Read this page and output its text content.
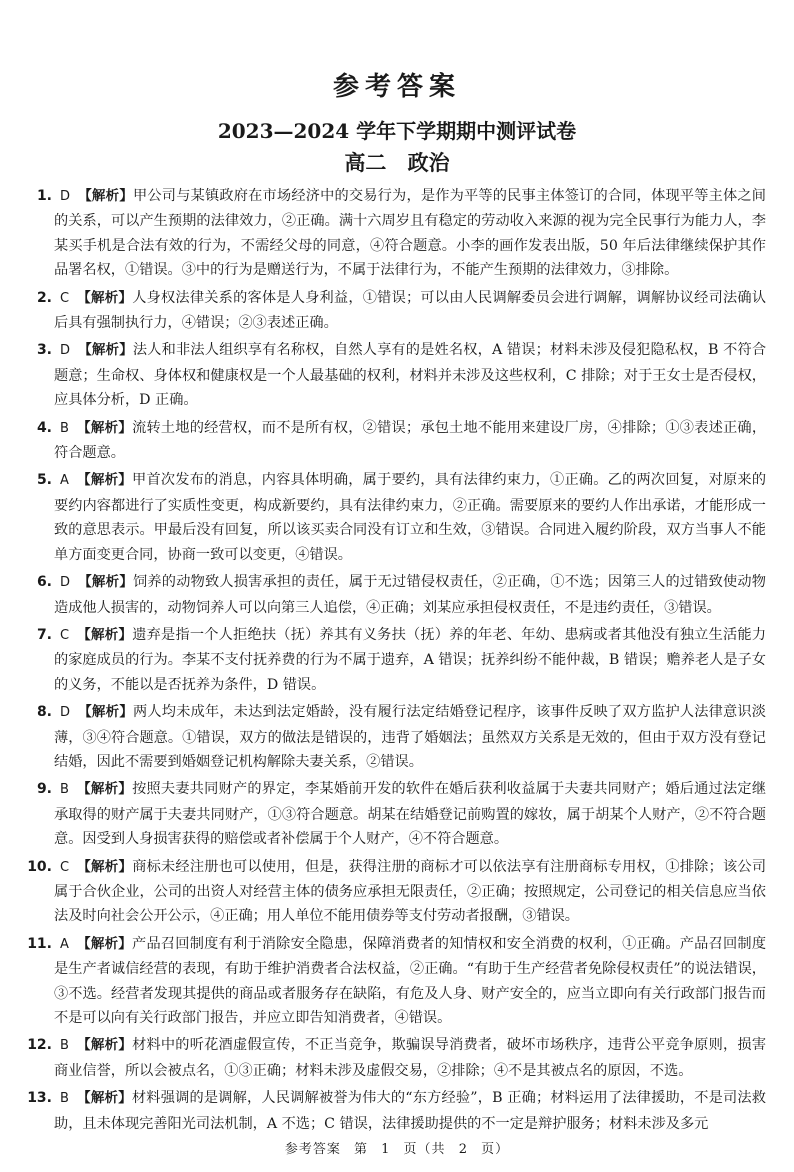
参考答案
2023—2024 学年下学期期中测评试卷
高二 政治
1. D 【解析】甲公司与某镇政府在市场经济中的交易行为，是作为平等的民事主体签订的合同，体现平等主体之间的关系，可以产生预期的法律效力，②正确。满十六周岁且有稳定的劳动收入来源的视为完全民事行为能力人，李某买手机是合法有效的行为，不需经父母的同意，④符合题意。小李的画作发表出版，50 年后法律继续保护其作品署名权，①错误。③中的行为是赠送行为，不属于法律行为，不能产生预期的法律效力，③排除。
2. C 【解析】人身权法律关系的客体是人身利益，①错误；可以由人民调解委员会进行调解，调解协议经司法确认后具有强制执行力，④错误；②③表述正确。
3. D 【解析】法人和非法人组织享有名称权，自然人享有的是姓名权，A 错误；材料未涉及侵犯隐私权，B 不符合题意；生命权、身体权和健康权是一个人最基础的权利，材料并未涉及这些权利，C 排除；对于王女士是否侵权，应具体分析，D 正确。
4. B 【解析】流转土地的经营权，而不是所有权，②错误；承包土地不能用来建设厂房，④排除；①③表述正确，符合题意。
5. A 【解析】甲首次发布的消息，内容具体明确，属于要约，具有法律约束力，①正确。乙的两次回复，对原来的要约内容都进行了实质性变更，构成新要约，具有法律约束力，②正确。需要原来的要约人作出承诺，才能形成一致的意思表示。甲最后没有回复，所以该买卖合同没有订立和生效，③错误。合同进入履约阶段，双方当事人不能单方面变更合同，协商一致可以变更，④错误。
6. D 【解析】饲养的动物致人损害承担的责任，属于无过错侵权责任，②正确，①不选；因第三人的过错致使动物造成他人损害的，动物饲养人可以向第三人追偿，④正确；刘某应承担侵权责任，不是违约责任，③错误。
7. C 【解析】遗弃是指一个人拒绝扶（抚）养其有义务扶（抚）养的年老、年幼、患病或者其他没有独立生活能力的家庭成员的行为。李某不支付抚养费的行为不属于遗弃，A 错误；抚养纠纷不能仲裁，B 错误；赡养老人是子女的义务，不能以是否抚养为条件，D 错误。
8. D 【解析】两人均未成年，未达到法定婚龄，没有履行法定结婚登记程序，该事件反映了双方监护人法律意识淡薄，③④符合题意。①错误，双方的做法是错误的，违背了婚姻法；虽然双方关系是无效的，但由于双方没有登记结婚，因此不需要到婚姻登记机构解除夫妻关系，②错误。
9. B 【解析】按照夫妻共同财产的界定，李某婚前开发的软件在婚后获利收益属于夫妻共同财产；婚后通过法定继承取得的财产属于夫妻共同财产，①③符合题意。胡某在结婚登记前购置的嫁妆，属于胡某个人财产，②不符合题意。因受到人身损害获得的赔偿或者补偿属于个人财产，④不符合题意。
10. C 【解析】商标未经注册也可以使用，但是，获得注册的商标才可以依法享有注册商标专用权，①排除；该公司属于合伙企业，公司的出资人对经营主体的债务应承担无限责任，②正确；按照规定，公司登记的相关信息应当依法及时向社会公开公示，④正确；用人单位不能用债券等支付劳动者报酬，③错误。
11. A 【解析】产品召回制度有利于消除安全隐患，保障消费者的知情权和安全消费的权利，①正确。产品召回制度是生产者诚信经营的表现，有助于维护消费者合法权益，②正确。“有助于生产经营者免除侵权责任”的说法错误，③不选。经营者发现其提供的商品或者服务存在缺陷，有危及人身、财产安全的，应当立即向有关行政部门报告而不是可以向有关行政部门报告，并应立即告知消费者，④错误。
12. B 【解析】材料中的听花酒虚假宣传，不正当竞争，欺骗误导消费者，破坏市场秩序，违背公平竞争原则，损害商业信誉，所以会被点名，①③正确；材料未涉及虚假交易，②排除；④不是其被点名的原因，不选。
13. B 【解析】材料强调的是调解，人民调解被誉为伟大的“东方经验”，B 正确；材料运用了法律援助，不是司法救助，且未体现完善阳光司法机制，A 不选；C 错误，法律援助提供的不一定是辩护服务；材料未涉及多元
参考答案 第 1 页（共 2 页）
